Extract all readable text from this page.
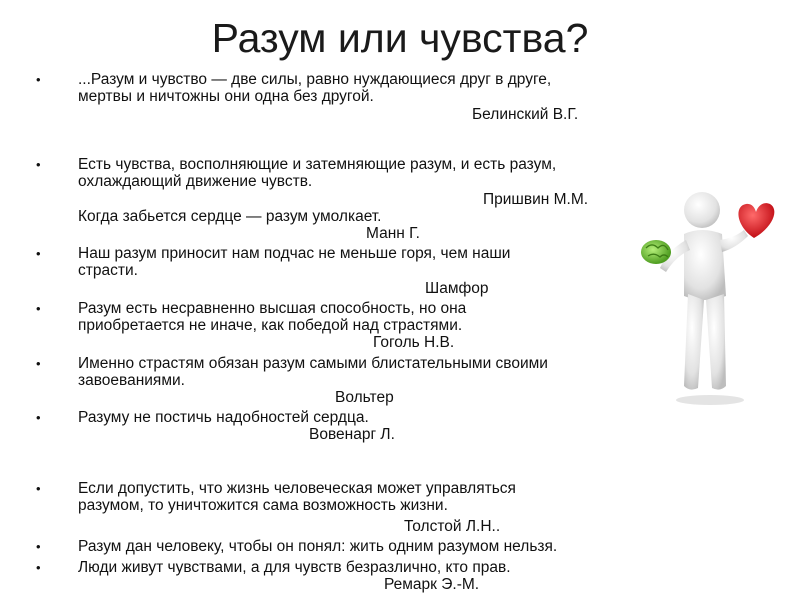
Разум или чувства?
•	...Разум и чувство — две силы, равно нуждающиеся друг в друге,
мертвы и ничтожны они одна без другой.
Белинский В.Г.
•	Есть чувства, восполняющие и затемняющие разум, и есть разум,
охлаждающий движение чувств.
Пришвин М.М.
Когда забьется сердце — разум умолкает.
Манн Г.
•	Наш разум приносит нам подчас не меньше горя, чем наши
страсти.
Шамфор
•	Разум есть несравненно высшая способность, но она
приобретается не иначе, как победой над страстями.
Гоголь Н.В.
•	Именно страстям обязан разум самыми блистательными своими
завоеваниями.
Вольтер
•	Разуму не постичь надобностей сердца.
Вовенарг Л.
•	Если допустить, что жизнь человеческая может управляться
разумом, то уничтожится сама возможность жизни.
Толстой Л.Н..
•	Разум дан человеку, чтобы он понял: жить одним разумом нельзя.
•	Люди живут чувствами, а для чувств безразлично, кто прав.
Ремарк Э.-М.
